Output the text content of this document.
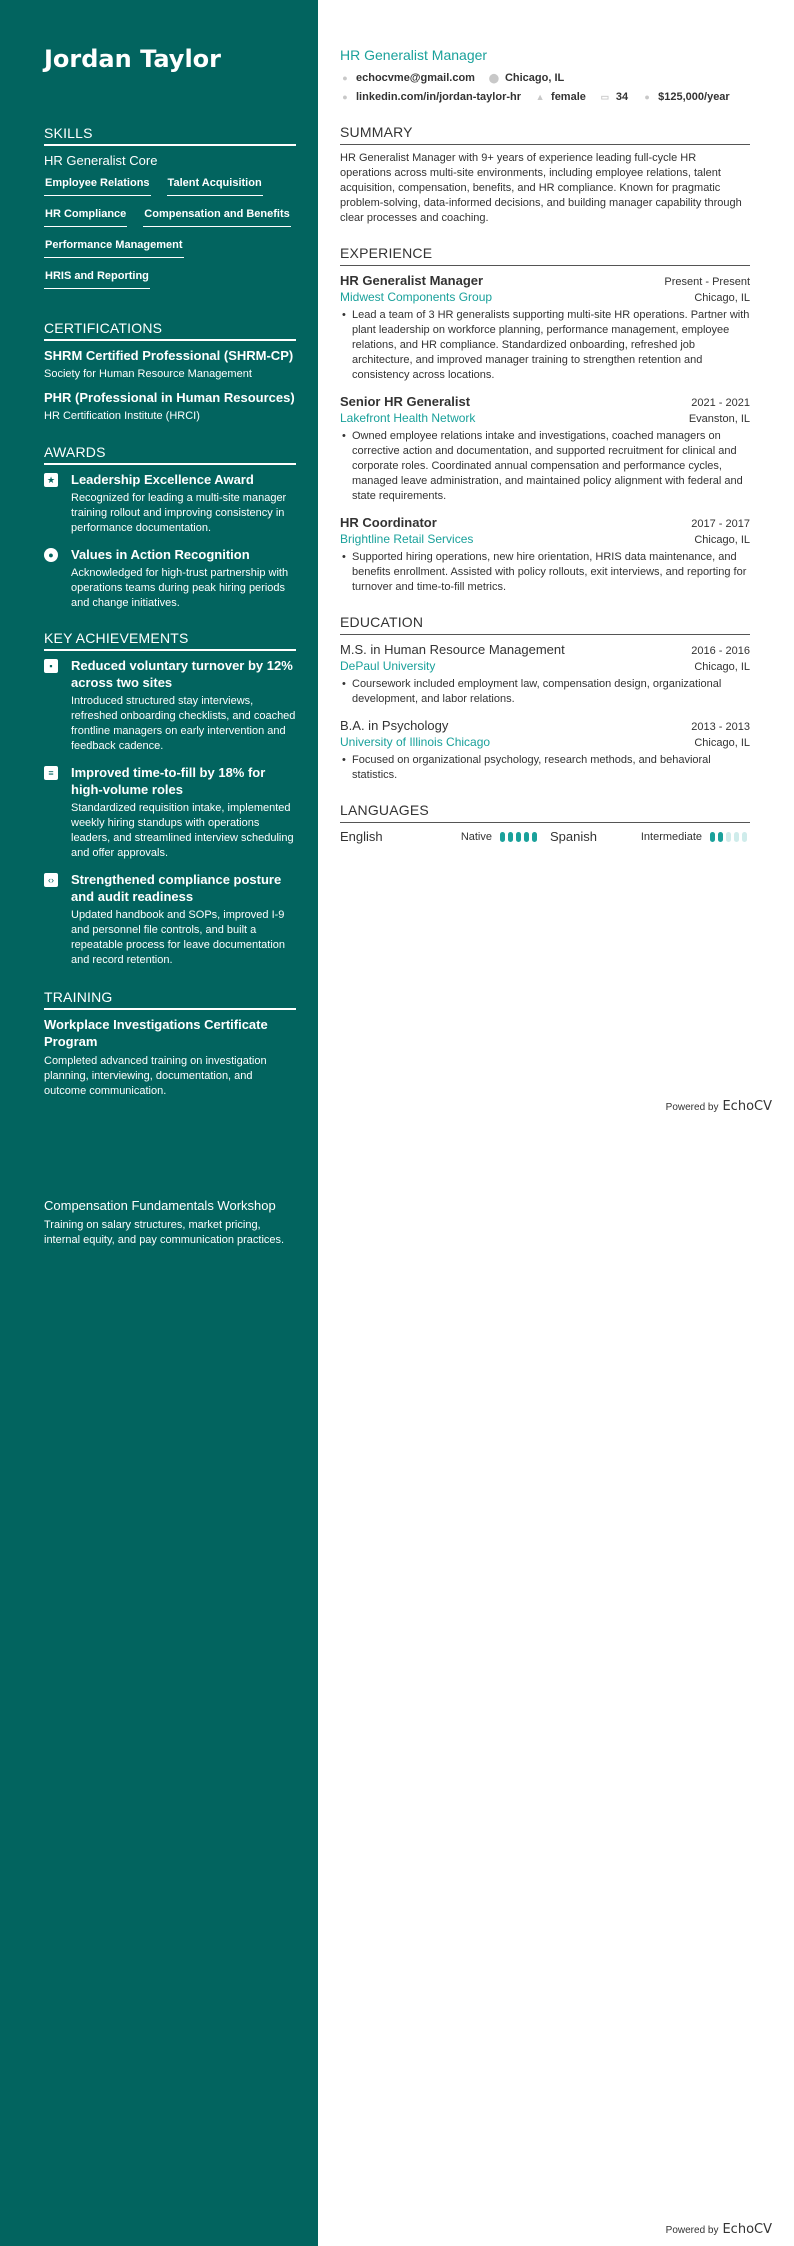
Jordan Taylor
SKILLS
HR Generalist Core
Employee Relations Talent Acquisition
HR Compliance Compensation and Benefits
Performance Management
HRIS and Reporting
CERTIFICATIONS
SHRM Certified Professional (SHRM-CP)
Society for Human Resource Management
PHR (Professional in Human Resources)
HR Certification Institute (HRCI)
AWARDS
★ Leadership Excellence Award
Recognized for leading a multi-site manager training rollout and improving consistency in performance documentation.
●	Values in Action Recognition
Acknowledged for high-trust partnership with operations teams during peak hiring periods and change initiatives.
KEY ACHIEVEMENTS
▪	Reduced voluntary turnover by 12% across two sites
Introduced structured stay interviews, refreshed onboarding checklists, and coached frontline managers on early intervention and feedback cadence.
≡	Improved time-to-fill by 18% for high-volume roles
Standardized requisition intake, implemented weekly hiring standups with operations leaders, and streamlined interview scheduling and offer approvals.
‹›	Strengthened compliance posture and audit readiness
Updated handbook and SOPs, improved I-9 and personnel file controls, and built a repeatable process for leave documentation and record retention.
TRAINING
Workplace Investigations Certificate Program
Completed advanced training on investigation planning, interviewing, documentation, and outcome communication.
Compensation Fundamentals Workshop
Training on salary structures, market pricing, internal equity, and pay communication practices.
HR Generalist Manager
● echocvme@gmail.com ⬤ Chicago, IL
● linkedin.com/in/jordan-taylor-hr ▲ female ▭ 34 ● $125,000/year
SUMMARY
HR Generalist Manager with 9+ years of experience leading full-cycle HR operations across multi-site environments, including employee relations, talent acquisition, compensation, benefits, and HR compliance. Known for pragmatic problem-solving, data-informed decisions, and building manager capability through clear processes and coaching.
EXPERIENCE
HR Generalist Manager	Present - Present
Midwest Components Group	Chicago, IL
• Lead a team of 3 HR generalists supporting multi-site HR operations. Partner with plant leadership on workforce planning, performance management, employee relations, and HR compliance. Standardized onboarding, refreshed job architecture, and improved manager training to strengthen retention and consistency across locations.
Senior HR Generalist	2021 - 2021
Lakefront Health Network	Evanston, IL
• Owned employee relations intake and investigations, coached managers on corrective action and documentation, and supported recruitment for clinical and corporate roles. Coordinated annual compensation and performance cycles, managed leave administration, and maintained policy alignment with federal and state requirements.
HR Coordinator	2017 - 2017
Brightline Retail Services	Chicago, IL
• Supported hiring operations, new hire orientation, HRIS data maintenance, and benefits enrollment. Assisted with policy rollouts, exit interviews, and reporting for turnover and time-to-fill metrics.
EDUCATION
M.S. in Human Resource Management	2016 - 2016
DePaul University	Chicago, IL
• Coursework included employment law, compensation design, organizational development, and labor relations.
B.A. in Psychology	2013 - 2013
University of Illinois Chicago	Chicago, IL
• Focused on organizational psychology, research methods, and behavioral statistics.
LANGUAGES
English	Native	Spanish	Intermediate
Powered by EchoCV
Powered by EchoCV
